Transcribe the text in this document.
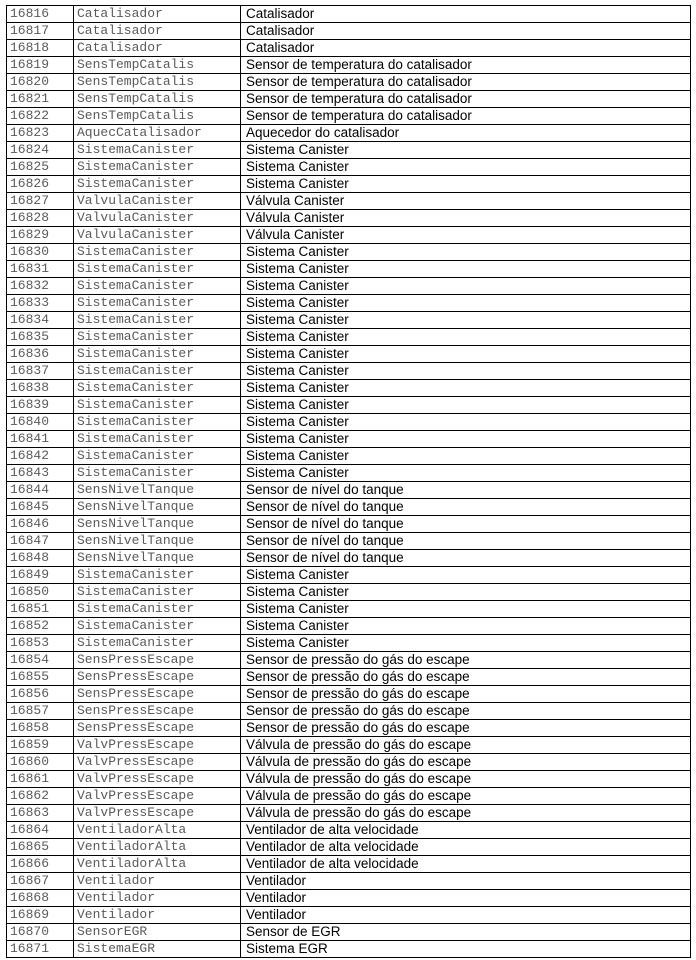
16816	Catalisador	Catalisador
16817	Catalisador	Catalisador
16818	Catalisador	Catalisador
16819	SensTempCatalis	Sensor de temperatura do catalisador
16820	SensTempCatalis	Sensor de temperatura do catalisador
16821	SensTempCatalis	Sensor de temperatura do catalisador
16822	SensTempCatalis	Sensor de temperatura do catalisador
16823	AquecCatalisador	Aquecedor do catalisador
16824	SistemaCanister	Sistema Canister
16825	SistemaCanister	Sistema Canister
16826	SistemaCanister	Sistema Canister
16827	ValvulaCanister	Válvula Canister
16828	ValvulaCanister	Válvula Canister
16829	ValvulaCanister	Válvula Canister
16830	SistemaCanister	Sistema Canister
16831	SistemaCanister	Sistema Canister
16832	SistemaCanister	Sistema Canister
16833	SistemaCanister	Sistema Canister
16834	SistemaCanister	Sistema Canister
16835	SistemaCanister	Sistema Canister
16836	SistemaCanister	Sistema Canister
16837	SistemaCanister	Sistema Canister
16838	SistemaCanister	Sistema Canister
16839	SistemaCanister	Sistema Canister
16840	SistemaCanister	Sistema Canister
16841	SistemaCanister	Sistema Canister
16842	SistemaCanister	Sistema Canister
16843	SistemaCanister	Sistema Canister
16844	SensNivelTanque	Sensor de nível do tanque
16845	SensNivelTanque	Sensor de nível do tanque
16846	SensNivelTanque	Sensor de nível do tanque
16847	SensNivelTanque	Sensor de nível do tanque
16848	SensNivelTanque	Sensor de nível do tanque
16849	SistemaCanister	Sistema Canister
16850	SistemaCanister	Sistema Canister
16851	SistemaCanister	Sistema Canister
16852	SistemaCanister	Sistema Canister
16853	SistemaCanister	Sistema Canister
16854	SensPressEscape	Sensor de pressão do gás do escape
16855	SensPressEscape	Sensor de pressão do gás do escape
16856	SensPressEscape	Sensor de pressão do gás do escape
16857	SensPressEscape	Sensor de pressão do gás do escape
16858	SensPressEscape	Sensor de pressão do gás do escape
16859	ValvPressEscape	Válvula de pressão do gás do escape
16860	ValvPressEscape	Válvula de pressão do gás do escape
16861	ValvPressEscape	Válvula de pressão do gás do escape
16862	ValvPressEscape	Válvula de pressão do gás do escape
16863	ValvPressEscape	Válvula de pressão do gás do escape
16864	VentiladorAlta	Ventilador de alta velocidade
16865	VentiladorAlta	Ventilador de alta velocidade
16866	VentiladorAlta	Ventilador de alta velocidade
16867	Ventilador	Ventilador
16868	Ventilador	Ventilador
16869	Ventilador	Ventilador
16870	SensorEGR	Sensor de EGR
16871	SistemaEGR	Sistema EGR
